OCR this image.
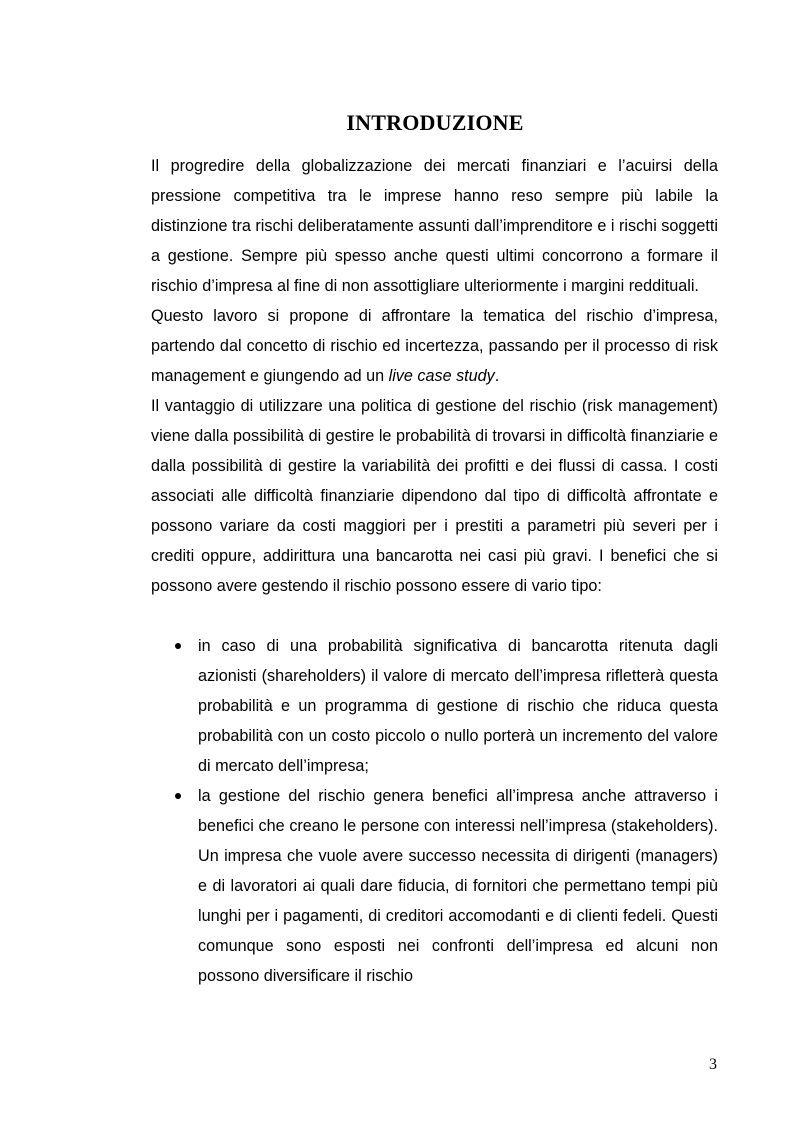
INTRODUZIONE

Il progredire della globalizzazione dei mercati finanziari e l’acuirsi della pressione competitiva tra le imprese hanno reso sempre più labile la distinzione tra rischi deliberatamente assunti dall’imprenditore e i rischi soggetti a gestione. Sempre più spesso anche questi ultimi concorrono a formare il rischio d’impresa al fine di non assottigliare ulteriormente i margini reddituali.

Questo lavoro si propone di affrontare la tematica del rischio d’impresa, partendo dal concetto di rischio ed incertezza, passando per il processo di risk management e giungendo ad un live case study.

Il vantaggio di utilizzare una politica di gestione del rischio (risk management) viene dalla possibilità di gestire le probabilità di trovarsi in difficoltà finanziarie e dalla possibilità di gestire la variabilità dei profitti e dei flussi di cassa. I costi associati alle difficoltà finanziarie dipendono dal tipo di difficoltà affrontate e possono variare da costi maggiori per i prestiti a parametri più severi per i crediti oppure, addirittura una bancarotta nei casi più gravi. I benefici che si possono avere gestendo il rischio possono essere di vario tipo:

in caso di una probabilità significativa di bancarotta ritenuta dagli azionisti (shareholders) il valore di mercato dell’impresa rifletterà questa probabilità e un programma di gestione di rischio che riduca questa probabilità con un costo piccolo o nullo porterà un incremento del valore di mercato dell’impresa;
la gestione del rischio genera benefici all’impresa anche attraverso i benefici che creano le persone con interessi nell’impresa (stakeholders). Un impresa che vuole avere successo necessita di dirigenti (managers) e di lavoratori ai quali dare fiducia, di fornitori che permettano tempi più lunghi per i pagamenti, di creditori accomodanti e di clienti fedeli. Questi comunque sono esposti nei confronti dell’impresa ed alcuni non possono diversificare il rischio
3
